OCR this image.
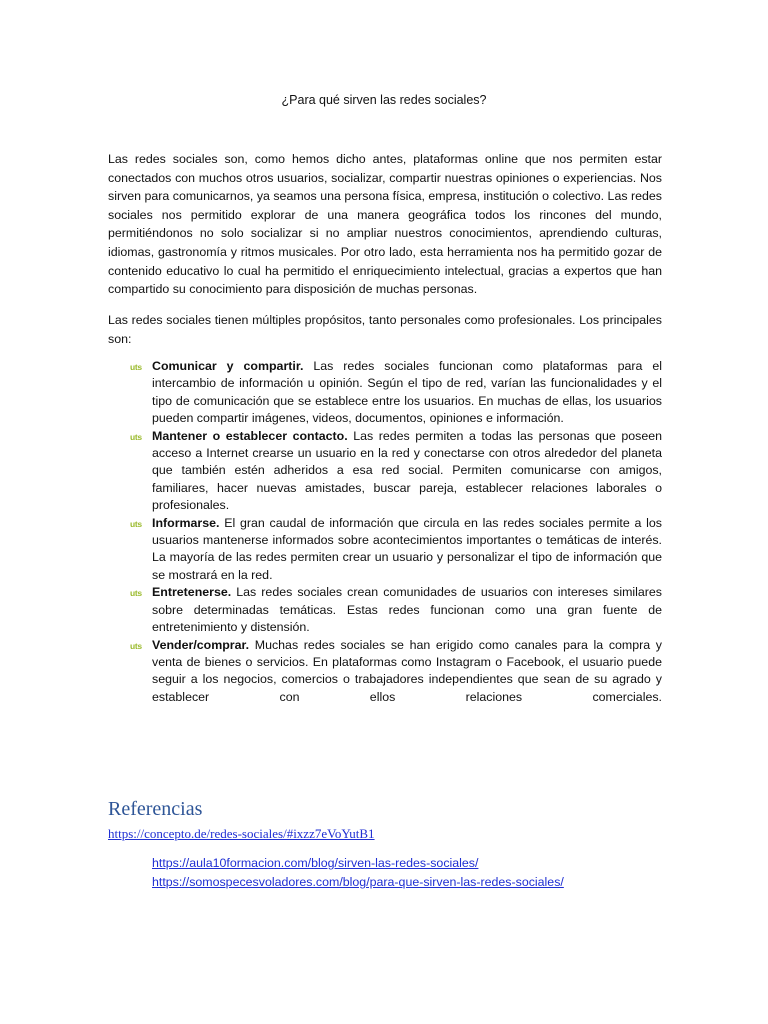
¿Para qué sirven las redes sociales?

Las redes sociales son, como hemos dicho antes, plataformas online que nos permiten estar conectados con muchos otros usuarios, socializar, compartir nuestras opiniones o experiencias. Nos sirven para comunicarnos, ya seamos una persona física, empresa, institución o colectivo. Las redes sociales nos permitido explorar de una manera geográfica todos los rincones del mundo, permitiéndonos no solo socializar si no ampliar nuestros conocimientos, aprendiendo culturas, idiomas, gastronomía y ritmos musicales. Por otro lado, esta herramienta nos ha permitido gozar de contenido educativo lo cual ha permitido el enriquecimiento intelectual, gracias a expertos que han compartido su conocimiento para disposición de muchas personas.

Las redes sociales tienen múltiples propósitos, tanto personales como profesionales. Los principales son:

uts Comunicar y compartir. Las redes sociales funcionan como plataformas para el intercambio de información u opinión. Según el tipo de red, varían las funcionalidades y el tipo de comunicación que se establece entre los usuarios. En muchas de ellas, los usuarios pueden compartir imágenes, videos, documentos, opiniones e información.
uts Mantener o establecer contacto. Las redes permiten a todas las personas que poseen acceso a Internet crearse un usuario en la red y conectarse con otros alrededor del planeta que también estén adheridos a esa red social. Permiten comunicarse con amigos, familiares, hacer nuevas amistades, buscar pareja, establecer relaciones laborales o profesionales.
uts Informarse. El gran caudal de información que circula en las redes sociales permite a los usuarios mantenerse informados sobre acontecimientos importantes o temáticas de interés. La mayoría de las redes permiten crear un usuario y personalizar el tipo de información que se mostrará en la red.
uts Entretenerse. Las redes sociales crean comunidades de usuarios con intereses similares sobre determinadas temáticas. Estas redes funcionan como una gran fuente de entretenimiento y distensión.
uts Vender/comprar. Muchas redes sociales se han erigido como canales para la compra y venta de bienes o servicios. En plataformas como Instagram o Facebook, el usuario puede seguir a los negocios, comercios o trabajadores independientes que sean de su agrado y establecer con ellos relaciones comerciales.
Referencias
https://concepto.de/redes-sociales/#ixzz7eVoYutB1
https://aula10formacion.com/blog/sirven-las-redes-sociales/
https://somospecesvoladores.com/blog/para-que-sirven-las-redes-sociales/
